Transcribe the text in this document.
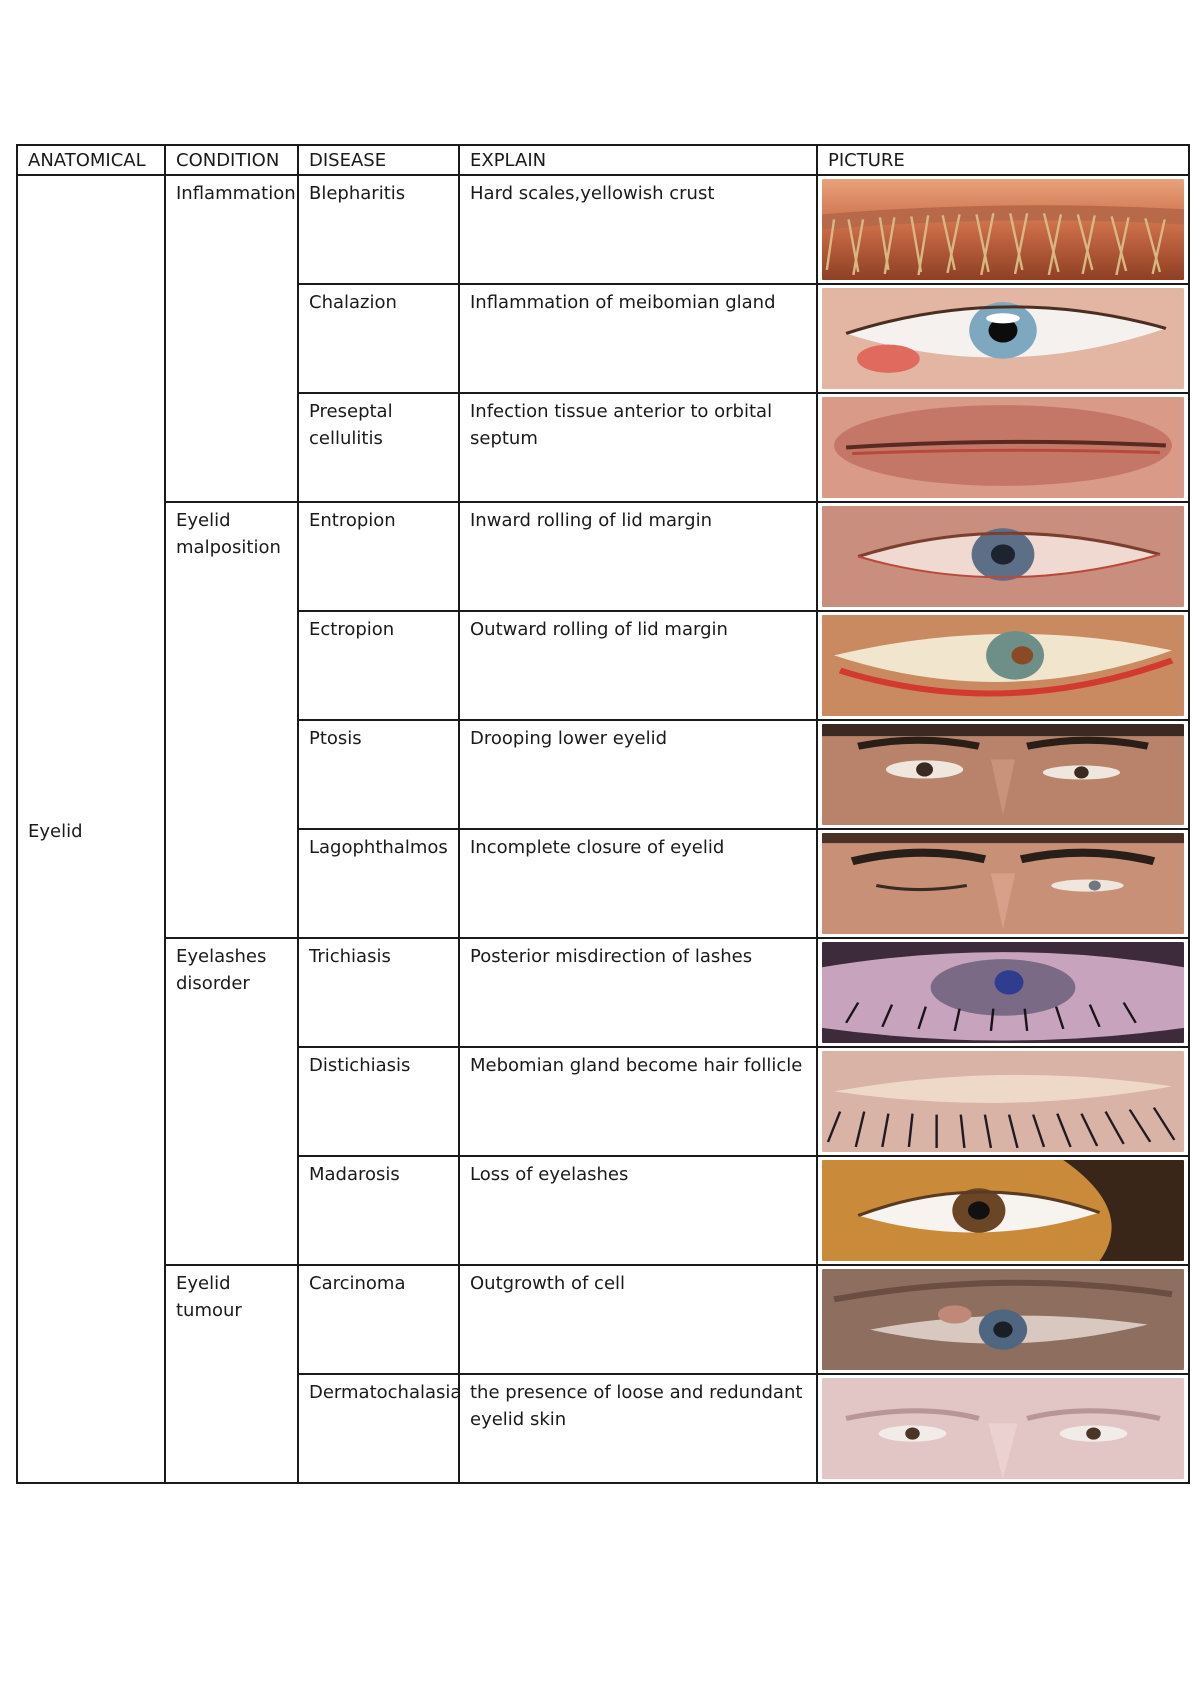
ANATOMICAL	CONDITION	DISEASE	EXPLAIN	PICTURE
Eyelid	Inflammation	Blepharitis	Hard scales,yellowish crust	

		Chalazion	Inflammation of meibomian gland	

		Preseptal cellulitis	Infection tissue anterior to orbital septum	

	Eyelid malposition	Entropion	Inward rolling of lid margin	

		Ectropion	Outward rolling of lid margin	

		Ptosis	Drooping lower eyelid	

		Lagophthalmos	Incomplete closure of eyelid	

	Eyelashes disorder	Trichiasis	Posterior misdirection of lashes	

		Distichiasis	Mebomian gland become hair follicle	

		Madarosis	Loss of eyelashes	

	Eyelid tumour	Carcinoma	Outgrowth of cell	

		Dermatochalasia	the presence of loose and redundant eyelid skin	
